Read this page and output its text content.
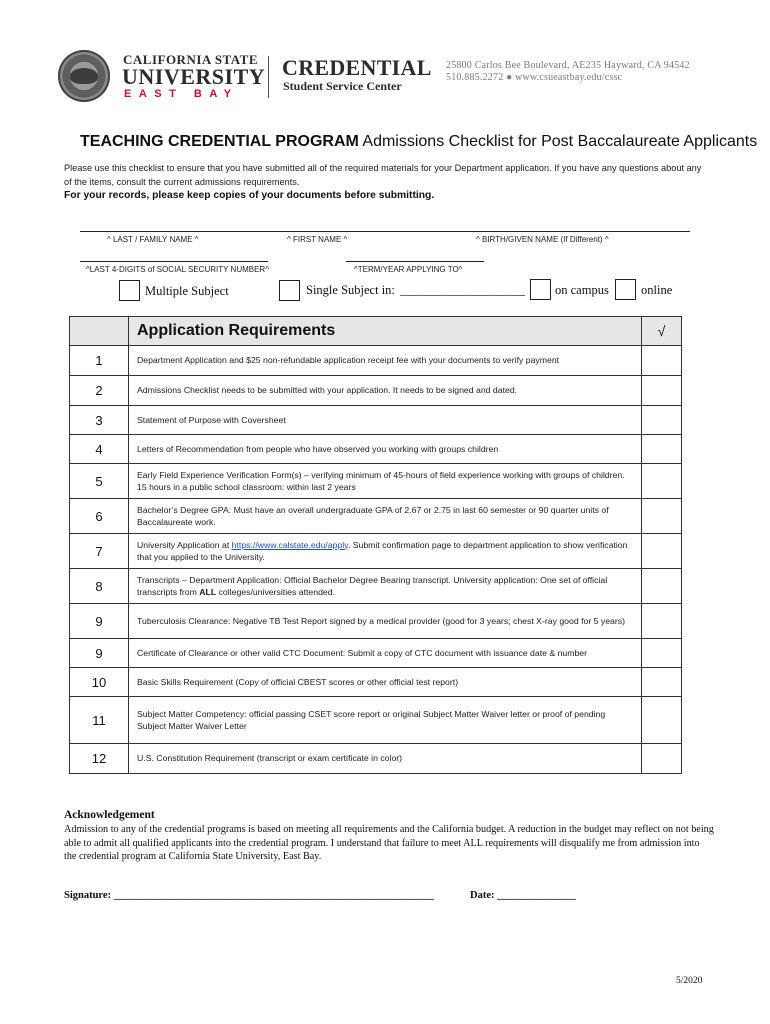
CALIFORNIA STATE
UNIVERSITY
EAST BAY
CREDENTIAL
Student Service Center
25800 Carlos Bee Boulevard, AE235 Hayward, CA 94542
510.885.2272 ● www.csueastbay.edu/cssc
TEACHING CREDENTIAL PROGRAM Admissions Checklist for Post Baccalaureate Applicants
Please use this checklist to ensure that you have submitted all of the required materials for your Department application. If you have any questions about any of the items, consult the current admissions requirements.
For your records, please keep copies of your documents before submitting.
^ LAST / FAMILY NAME ^	^ FIRST NAME ^	^ BIRTH/GIVEN NAME (If Different) ^
^LAST 4-DIGITS of SOCIAL SECURITY NUMBER^	^TERM/YEAR APPLYING TO^
Multiple Subject	Single Subject in: ____________________ on campus	online
	Application Requirements	√
1	Department Application and $25 non-refundable application receipt fee with your documents to verify payment	
2	Admissions Checklist needs to be submitted with your application. It needs to be signed and dated.	
3	Statement of Purpose with Coversheet	
4	Letters of Recommendation from people who have observed you working with groups children	
5	Early Field Experience Verification Form(s) – verifying minimum of 45-hours of field experience working with groups of children. 15 hours in a public school classroom: within last 2 years	
6	Bachelor’s Degree GPA: Must have an overall undergraduate GPA of 2.67 or 2.75 in last 60 semester or 90 quarter units of Baccalaureate work.	
7	University Application at https://www.calstate.edu/apply. Submit confirmation page to department application to show verification that you applied to the University.	
8	Transcripts – Department Application: Official Bachelor Degree Bearing transcript. University application: One set of official transcripts from ALL colleges/universities attended.	
9	Tuberculosis Clearance: Negative TB Test Report signed by a medical provider (good for 3 years; chest X-ray good for 5 years)	
9	Certificate of Clearance or other valid CTC Document: Submit a copy of CTC document with issuance date & number	
10	Basic Skills Requirement (Copy of official CBEST scores or other official test report)	
11	Subject Matter Competency: official passing CSET score report or original Subject Matter Waiver letter or proof of pending Subject Matter Waiver Letter	
12	U.S. Constitution Requirement (transcript or exam certificate in color)	
Acknowledgement
Admission to any of the credential programs is based on meeting all requirements and the California budget. A reduction in the budget may reflect on not being able to admit all qualified applicants into the credential program. I understand that failure to meet ALL requirements will disqualify me from admission into the credential program at California State University, East Bay.
Signature: _____________________________________________________________	Date: _______________
5/2020
